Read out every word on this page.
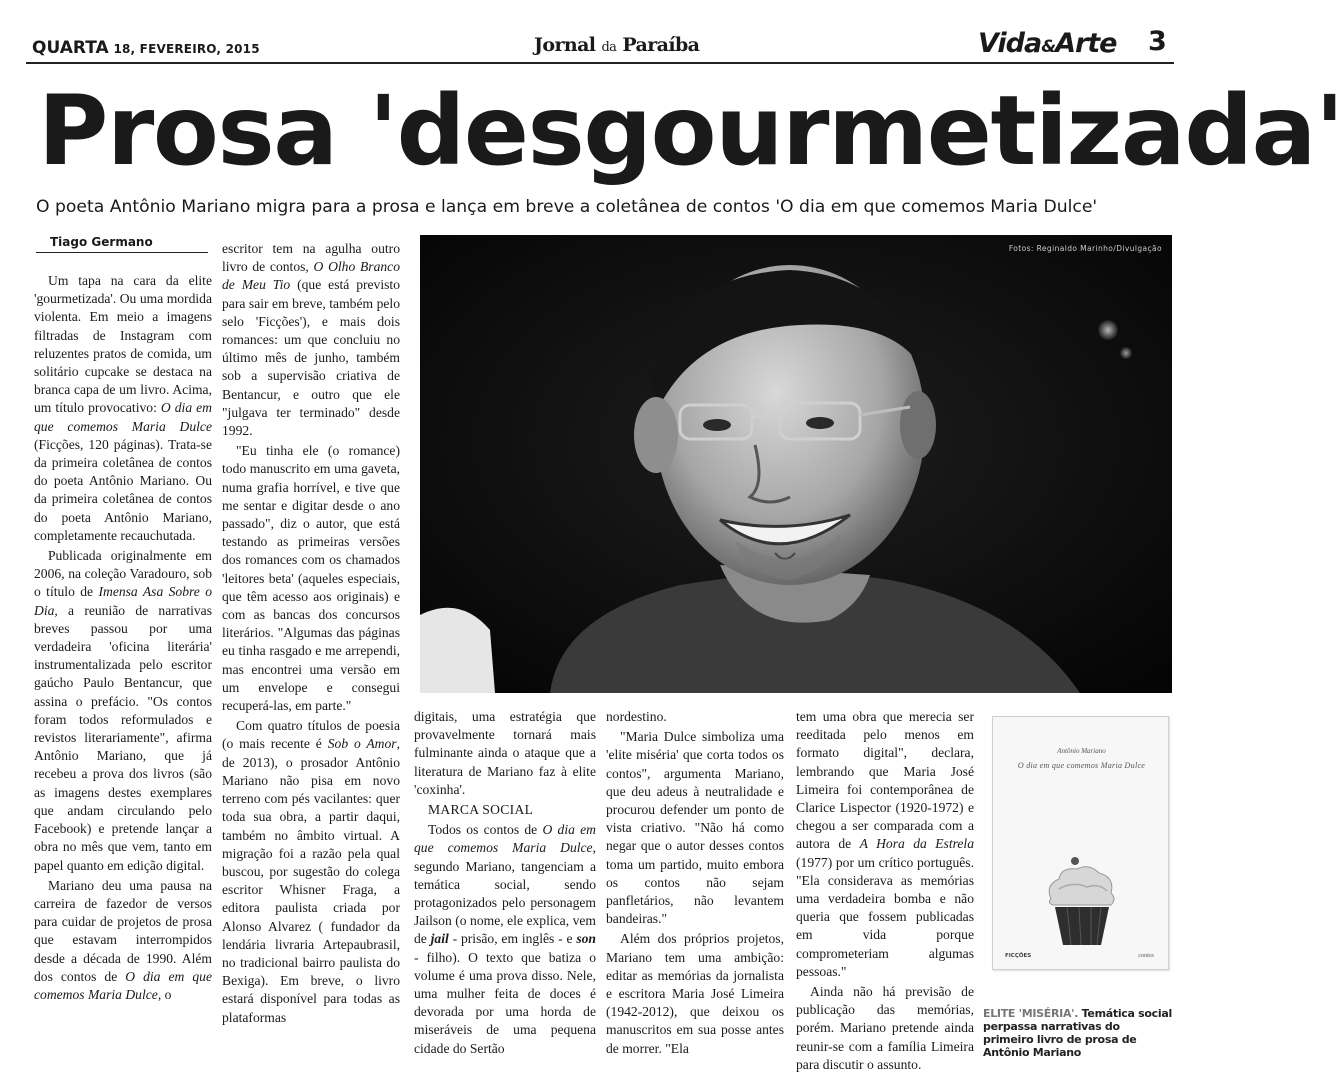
QUARTA 18, FEVEREIRO, 2015	Jornal da Paraíba	Vida&Arte 3
Prosa 'desgourmetizada'
O poeta Antônio Mariano migra para a prosa e lança em breve a coletânea de contos 'O dia em que comemos Maria Dulce'
Tiago Germano

Um tapa na cara da elite 'gourmetizada'. Ou uma mordida violenta. Em meio a imagens filtradas de Instagram com reluzentes pratos de comida, um solitário cupcake se destaca na branca capa de um livro. Acima, um título provocativo: O dia em que comemos Maria Dulce (Ficções, 120 páginas). Trata-se da primeira coletânea de contos do poeta Antônio Mariano. Ou da primeira coletânea de contos do poeta Antônio Mariano, completamente recauchutada.

Publicada originalmente em 2006, na coleção Varadouro, sob o título de Imensa Asa Sobre o Dia, a reunião de narrativas breves passou por uma verdadeira 'oficina literária' instrumentalizada pelo escritor gaúcho Paulo Bentancur, que assina o prefácio. "Os contos foram todos reformulados e revistos literariamente", afirma Antônio Mariano, que já recebeu a prova dos livros (são as imagens destes exemplares que andam circulando pelo Facebook) e pretende lançar a obra no mês que vem, tanto em papel quanto em edição digital.

Mariano deu uma pausa na carreira de fazedor de versos para cuidar de projetos de prosa que estavam interrompidos desde a década de 1990. Além dos contos de O dia em que comemos Maria Dulce, o

escritor tem na agulha outro livro de contos, O Olho Branco de Meu Tio (que está previsto para sair em breve, também pelo selo 'Ficções'), e mais dois romances: um que concluiu no último mês de junho, também sob a supervisão criativa de Bentancur, e outro que ele "julgava ter terminado" desde 1992.

"Eu tinha ele (o romance) todo manuscrito em uma gaveta, numa grafia horrível, e tive que me sentar e digitar desde o ano passado", diz o autor, que está testando as primeiras versões dos romances com os chamados 'leitores beta' (aqueles especiais, que têm acesso aos originais) e com as bancas dos concursos literários. "Algumas das páginas eu tinha rasgado e me arrependi, mas encontrei uma versão em um envelope e consegui recuperá-las, em parte."

Com quatro títulos de poesia (o mais recente é Sob o Amor, de 2013), o prosador Antônio Mariano não pisa em novo terreno com pés vacilantes: quer toda sua obra, a partir daqui, também no âmbito virtual. A migração foi a razão pela qual buscou, por sugestão do colega escritor Whisner Fraga, a editora paulista criada por Alonso Alvarez ( fundador da lendária livraria Artepaubrasil, no tradicional bairro paulista do Bexiga). Em breve, o livro estará disponível para todas as plataformas

Fotos: Reginaldo Marinho/Divulgação

digitais, uma estratégia que provavelmente tornará mais fulminante ainda o ataque que a literatura de Mariano faz à elite 'coxinha'.

MARCA SOCIAL

Todos os contos de O dia em que comemos Maria Dulce, segundo Mariano, tangenciam a temática social, sendo protagonizados pelo personagem Jailson (o nome, ele explica, vem de jail - prisão, em inglês - e son - filho). O texto que batiza o volume é uma prova disso. Nele, uma mulher feita de doces é devorada por uma horda de miseráveis de uma pequena cidade do Sertão

nordestino.

"Maria Dulce simboliza uma 'elite miséria' que corta todos os contos", argumenta Mariano, que deu adeus à neutralidade e procurou defender um ponto de vista criativo. "Não há como negar que o autor desses contos toma um partido, muito embora os contos não sejam panfletários, não levantem bandeiras."

Além dos próprios projetos, Mariano tem uma ambição: editar as memórias da jornalista e escritora Maria José Limeira (1942-2012), que deixou os manuscritos em sua posse antes de morrer. "Ela

tem uma obra que merecia ser reeditada pelo menos em formato digital", declara, lembrando que Maria José Limeira foi contemporânea de Clarice Lispector (1920-1972) e chegou a ser comparada com a autora de A Hora da Estrela (1977) por um crítico português. "Ela considerava as memórias uma verdadeira bomba e não queria que fossem publicadas em vida porque comprometeriam algumas pessoas."

Ainda não há previsão de publicação das memórias, porém. Mariano pretende ainda reunir-se com a família Limeira para discutir o assunto.

Antônio Mariano
O dia em que comemos Maria Dulce
FICÇÕES	contos
ELITE 'MISÉRIA'. Temática social perpassa narrativas do primeiro livro de prosa de Antônio Mariano
